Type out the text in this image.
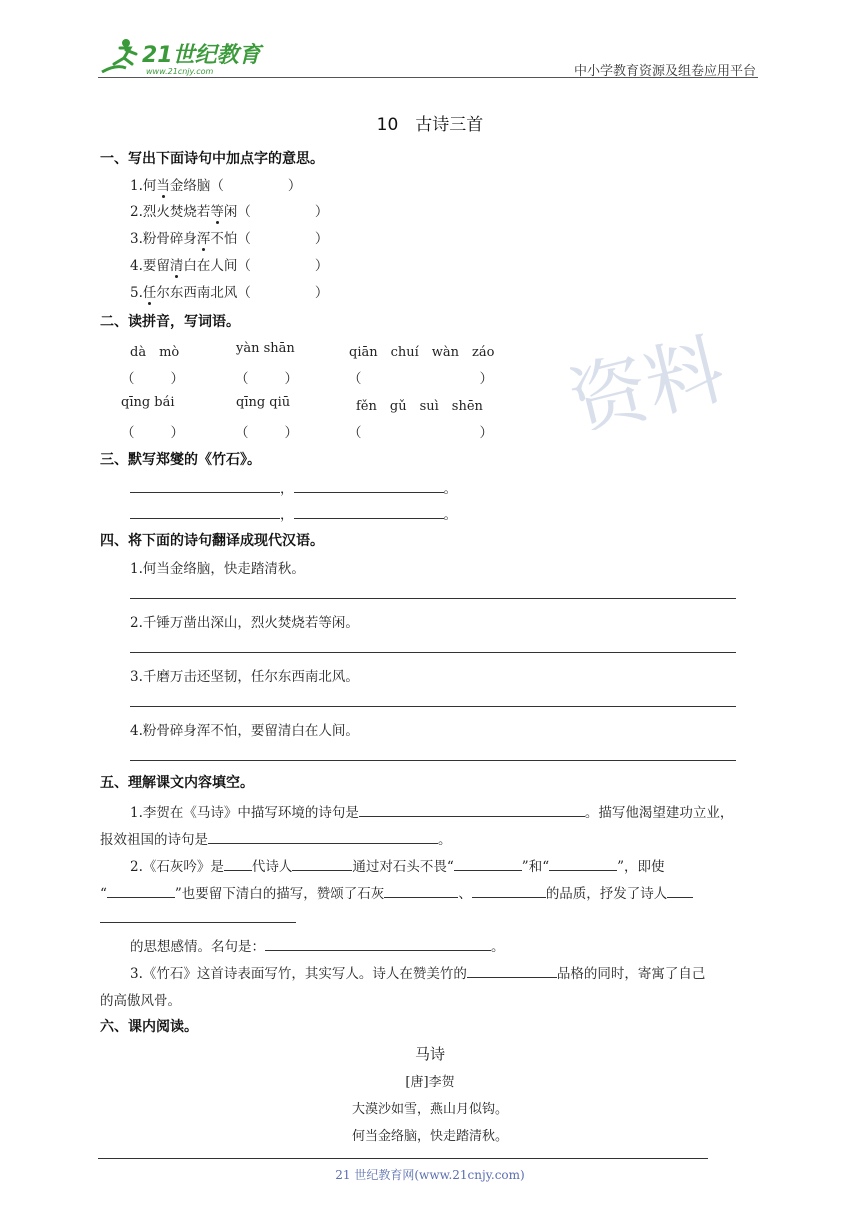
21世纪教育
www.21cnjy.com	中小学教育资源及组卷应用平台
资料
10　古诗三首
一、写出下面诗句中加点字的意思。
1.何当金络脑（	）
2.烈火焚烧若等闲（	）
3.粉骨碎身浑不怕（	）
4.要留清白在人间（	）
5.任尔东西南北风（	）
二、读拼音，写词语。
dà　mò	yàn shān	qiān　chuí　wàn　záo
（	）	（	）	（	）
qīng bái	qīng qiū	fěn　gǔ　suì　shēn
（	）	（	）	（	）
三、默写郑燮的《竹石》。
，	。
，	。
四、将下面的诗句翻译成现代汉语。
1.何当金络脑，快走踏清秋。
2.千锤万凿出深山，烈火焚烧若等闲。
3.千磨万击还坚韧，任尔东西南北风。
4.粉骨碎身浑不怕，要留清白在人间。
五、理解课文内容填空。
1.李贺在《马诗》中描写环境的诗句是	。描写他渴望建功立业，
报效祖国的诗句是	。
2.《石灰吟》是 代诗人	通过对石头不畏“	”和“	”，即使
“	”也要留下清白的描写，赞颂了石灰	、	的品质，抒发了诗人
的思想感情。名句是：	。
3.《竹石》这首诗表面写竹，其实写人。诗人在赞美竹的	品格的同时，寄寓了自己
的高傲风骨。
六、课内阅读。
马诗
[唐]李贺
大漠沙如雪，燕山月似钩。
何当金络脑，快走踏清秋。
21 世纪教育网(www.21cnjy.com)
